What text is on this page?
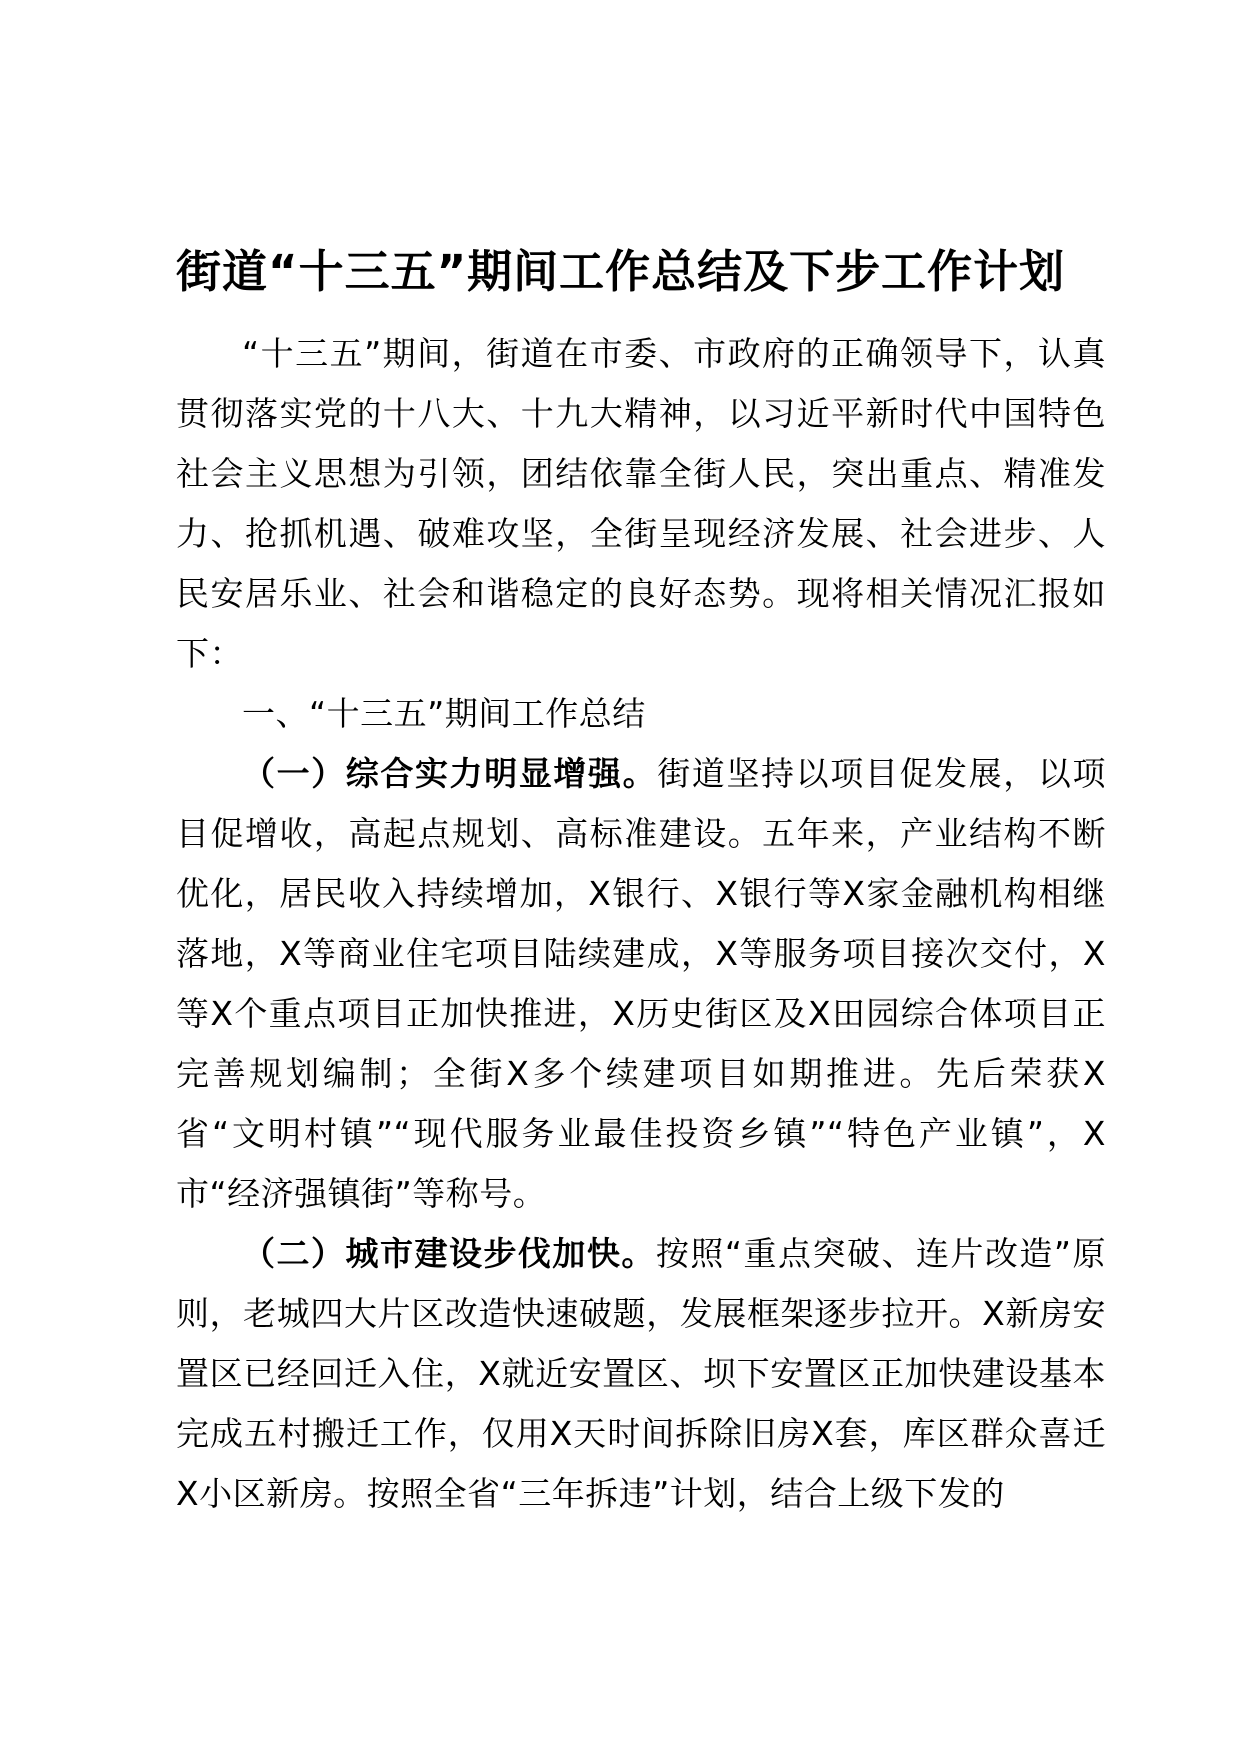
街道“十三五”期间工作总结及下步工作计划

“十三五”期间，街道在市委、市政府的正确领导下，认真贯彻落实党的十八大、十九大精神，以习近平新时代中国特色社会主义思想为引领，团结依靠全街人民，突出重点、精准发力、抢抓机遇、破难攻坚，全街呈现经济发展、社会进步、人民安居乐业、社会和谐稳定的良好态势。现将相关情况汇报如下：

一、“十三五”期间工作总结

（一）综合实力明显增强。街道坚持以项目促发展，以项目促增收，高起点规划、高标准建设。五年来，产业结构不断优化，居民收入持续增加，X银行、X银行等X家金融机构相继落地，X等商业住宅项目陆续建成，X等服务项目接次交付，X等X个重点项目正加快推进，X历史街区及X田园综合体项目正完善规划编制；全街X多个续建项目如期推进。先后荣获X省“文明村镇”“现代服务业最佳投资乡镇”“特色产业镇”，X市“经济强镇街”等称号。

（二）城市建设步伐加快。按照“重点突破、连片改造”原则，老城四大片区改造快速破题，发展框架逐步拉开。X新房安置区已经回迁入住，X就近安置区、坝下安置区正加快建设基本完成五村搬迁工作，仅用X天时间拆除旧房X套，库区群众喜迁X小区新房。按照全省“三年拆违”计划，结合上级下发的
